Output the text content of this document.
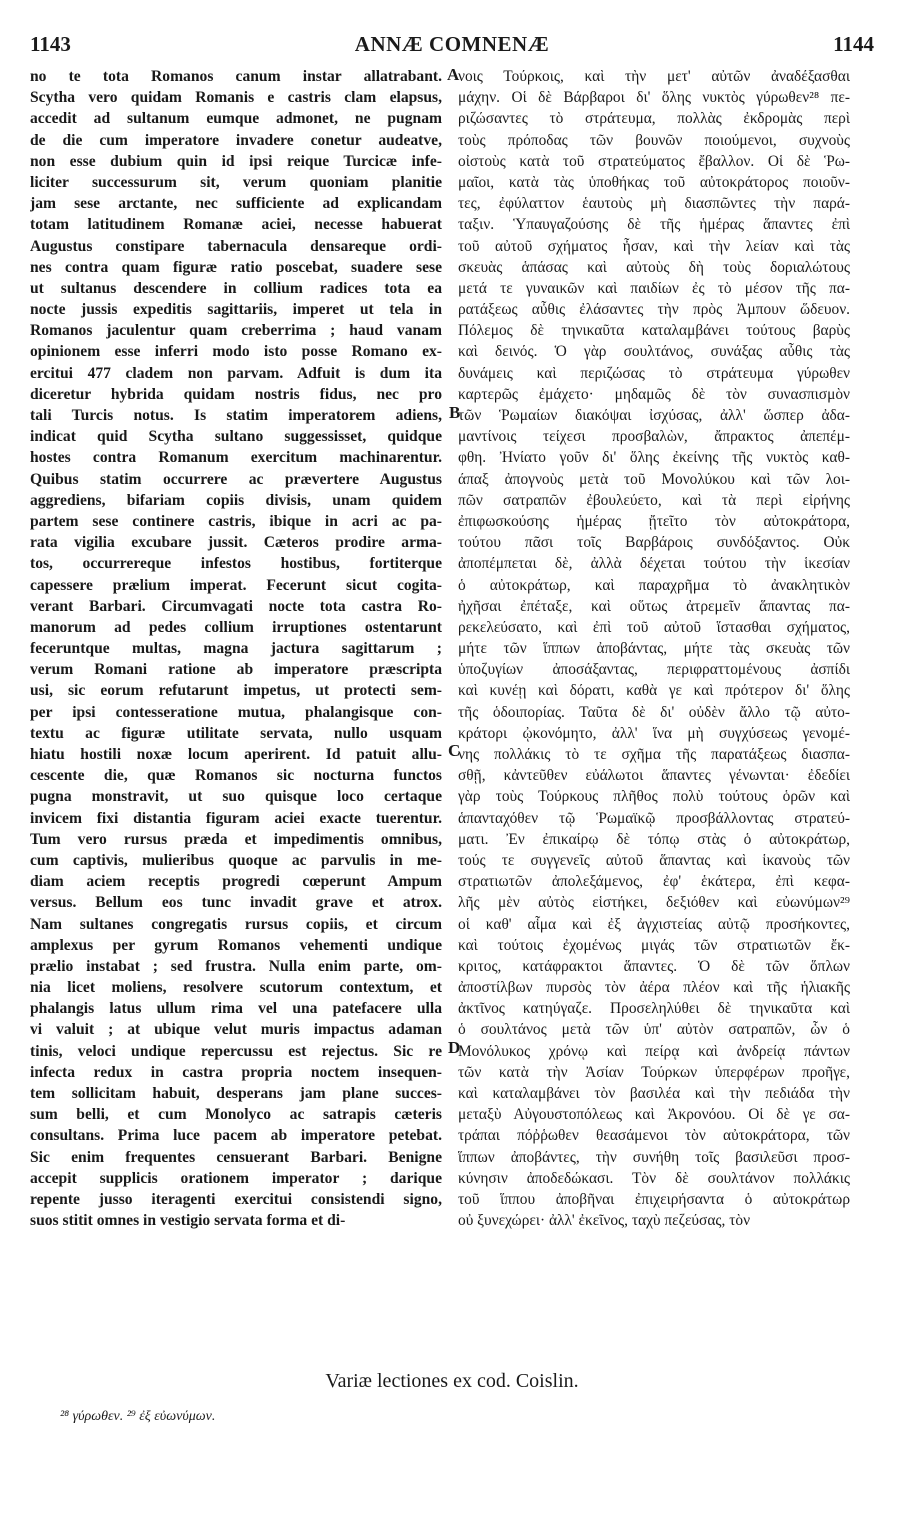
1143	ANNÆ COMNENÆ	1144
no te tota Romanos canum instar allatrabant.
Scytha vero quidam Romanis e castris clam elapsus,
accedit ad sultanum eumque admonet, ne pugnam
de die cum imperatore invadere conetur audeatve,
non esse dubium quin id ipsi reique Turcicæ infe-
liciter successurum sit, verum quoniam planitie
jam sese arctante, nec sufficiente ad explicandam
totam latitudinem Romanæ aciei, necesse habuerat
Augustus constipare tabernacula densareque ordi-
nes contra quam figuræ ratio poscebat, suadere sese
ut sultanus descendere in collium radices tota ea
nocte jussis expeditis sagittariis, imperet ut tela in
Romanos jaculentur quam creberrima ; haud vanam
opinionem esse inferri modo isto posse Romano ex-
ercitui 477 cladem non parvam. Adfuit is dum ita
diceretur hybrida quidam nostris fidus, nec pro
tali Turcis notus. Is statim imperatorem adiens,
indicat quid Scytha sultano suggessisset, quidque
hostes contra Romanum exercitum machinarentur.
Quibus statim occurrere ac prævertere Augustus
aggrediens, bifariam copiis divisis, unam quidem
partem sese continere castris, ibique in acri ac pa-
rata vigilia excubare jussit. Cæteros prodire arma-
tos, occurrereque infestos hostibus, fortiterque
capessere prælium imperat. Fecerunt sicut cogita-
verant Barbari. Circumvagati nocte tota castra Ro-
manorum ad pedes collium irruptiones ostentarunt
feceruntque multas, magna jactura sagittarum ;
verum Romani ratione ab imperatore præscripta
usi, sic eorum refutarunt impetus, ut protecti sem-
per ipsi contesseratione mutua, phalangisque con-
textu ac figuræ utilitate servata, nullo usquam
hiatu hostili noxæ locum aperirent. Id patuit allu-
cescente die, quæ Romanos sic nocturna functos
pugna monstravit, ut suo quisque loco certaque
invicem fixi distantia figuram aciei exacte tuerentur.
Tum vero rursus præda et impedimentis omnibus,
cum captivis, mulieribus quoque ac parvulis in me-
diam aciem receptis progredi cœperunt Ampum
versus. Bellum eos tunc invadit grave et atrox.
Nam sultanes congregatis rursus copiis, et circum
amplexus per gyrum Romanos vehementi undique
prælio instabat ; sed frustra. Nulla enim parte, om-
nia licet moliens, resolvere scutorum contextum, et
phalangis latus ullum rima vel una patefacere ulla
vi valuit ; at ubique velut muris impactus adaman
tinis, veloci undique repercussu est rejectus. Sic re
infecta redux in castra propria noctem insequen-
tem sollicitam habuit, desperans jam plane succes-
sum belli, et cum Monolyco ac satrapis cæteris
consultans. Prima luce pacem ab imperatore petebat.
Sic enim frequentes censuerant Barbari. Benigne
accepit supplicis orationem imperator ; darique
repente jusso iteragenti exercitui consistendi signo,
suos stitit omnes in vestigio servata forma et di-
νοις Τούρκοις, καὶ τὴν μετ' αὐτῶν ἀναδέξασθαι
μάχην. Οἱ δὲ Βάρβαροι δι' ὅλης νυκτὸς γύρωθεν²⁸ πε-
ριζώσαντες τὸ στράτευμα, πολλὰς ἐκδρομὰς περὶ
τοὺς πρόποδας τῶν βουνῶν ποιούμενοι, συχνοὺς
οἰστοὺς κατὰ τοῦ στρατεύματος ἔβαλλον. Οἱ δὲ Ῥω-
μαῖοι, κατὰ τὰς ὑποθήκας τοῦ αὐτοκράτορος ποιοῦν-
τες, ἐφύλαττον ἑαυτοὺς μὴ διασπῶντες τὴν παρά-
ταξιν. Ὑπαυγαζούσης δὲ τῆς ἡμέρας ἅπαντες ἐπὶ
τοῦ αὐτοῦ σχήματος ἦσαν, καὶ τὴν λείαν καὶ τὰς
σκευὰς ἁπάσας καὶ αὐτοὺς δὴ τοὺς δοριαλώτους
μετά τε γυναικῶν καὶ παιδίων ἐς τὸ μέσον τῆς πα-
ρατάξεως αὖθις ἐλάσαντες τὴν πρὸς Ἀμπουν ὥδευον.
Πόλεμος δὲ τηνικαῦτα καταλαμβάνει τούτους βαρὺς
καὶ δεινός. Ὁ γὰρ σουλτάνος, συνάξας αὖθις τὰς
δυνάμεις καὶ περιζώσας τὸ στράτευμα γύρωθεν
καρτερῶς ἐμάχετο· μηδαμῶς δὲ τὸν συνασπισμὸν
τῶν Ῥωμαίων διακόψαι ἰσχύσας, ἀλλ' ὥσπερ ἀδα-
μαντίνοις τείχεσι προσβαλὼν, ἄπρακτος ἀπεπέμ-
φθη. Ἠνίατο γοῦν δι' ὅλης ἐκείνης τῆς νυκτὸς καθ-
άπαξ ἀπογνοὺς μετὰ τοῦ Μονολύκου καὶ τῶν λοι-
πῶν σατραπῶν ἐβουλεύετο, καὶ τὰ περὶ εἰρήνης
ἐπιφωσκούσης ἡμέρας ᾔτεῖτο τὸν αὐτοκράτορα,
τούτου πᾶσι τοῖς Βαρβάροις συνδόξαντος. Οὐκ
ἀποπέμπεται δὲ, ἀλλὰ δέχεται τούτου τὴν ἱκεσίαν
ὁ αὐτοκράτωρ, καὶ παραχρῆμα τὸ ἀνακλητικὸν
ἠχῆσαι ἐπέταξε, καὶ οὕτως ἀτρεμεῖν ἅπαντας πα-
ρεκελεύσατο, καὶ ἐπὶ τοῦ αὐτοῦ ἵστασθαι σχήματος,
μήτε τῶν ἵππων ἀποβάντας, μήτε τὰς σκευὰς τῶν
ὑποζυγίων ἀποσάξαντας, περιφραττομένους ἀσπίδι
καὶ κυνέῃ καὶ δόρατι, καθὰ γε καὶ πρότερον δι' ὅλης
τῆς ὁδοιπορίας. Ταῦτα δὲ δι' οὐδὲν ἄλλο τῷ αὐτο-
κράτορι ᾠκονόμητο, ἀλλ' ἵνα μὴ συγχύσεως γενομέ-
νης πολλάκις τὸ τε σχῆμα τῆς παρατάξεως διασπα-
σθῇ, κἀντεῦθεν εὐάλωτοι ἅπαντες γένωνται· ἐδεδίει
γὰρ τοὺς Τούρκους πλῆθος πολὺ τούτους ὁρῶν καὶ
ἁπανταχόθεν τῷ Ῥωμαϊκῷ προσβάλλοντας στρατεύ-
ματι. Ἐν ἐπικαίρῳ δὲ τόπῳ στὰς ὁ αὐτοκράτωρ,
τούς τε συγγενεῖς αὐτοῦ ἅπαντας καὶ ἱκανοὺς τῶν
στρατιωτῶν ἀπολεξάμενος, ἐφ' ἑκάτερα, ἐπὶ κεφα-
λῆς μὲν αὐτὸς εἱστήκει, δεξιόθεν καὶ εὐωνύμων²⁹
οἱ καθ' αἷμα καὶ ἐξ ἀγχιστείας αὐτῷ προσήκοντες,
καὶ τούτοις ἐχομένως μιγάς τῶν στρατιωτῶν ἔκ-
κριτος, κατάφρακτοι ἅπαντες. Ὁ δὲ τῶν ὅπλων
ἀποστίλβων πυρσὸς τὸν ἀέρα πλέον καὶ τῆς ἡλιακῆς
ἀκτῖνος κατηύγαζε. Προσεληλύθει δὲ τηνικαῦτα καὶ
ὁ σουλτάνος μετὰ τῶν ὑπ' αὐτὸν σατραπῶν, ὧν ὁ
Μονόλυκος χρόνῳ καὶ πείρᾳ καὶ ἀνδρείᾳ πάντων
τῶν κατὰ τὴν Ἀσίαν Τούρκων ὑπερφέρων προῆγε,
καὶ καταλαμβάνει τὸν βασιλέα καὶ τὴν πεδιάδα τὴν
μεταξὺ Αὐγουστοπόλεως καὶ Ἀκρονόου. Οἱ δὲ γε σα-
τράπαι πόῤῥωθεν θεασάμενοι τὸν αὐτοκράτορα, τῶν
ἵππων ἀποβάντες, τὴν συνήθη τοῖς βασιλεῦσι προσ-
κύνησιν ἀποδεδώκασι. Τὸν δὲ σουλτάνον πολλάκις
τοῦ ἵππου ἀποβῆναι ἐπιχειρήσαντα ὁ αὐτοκράτωρ
οὐ ξυνεχώρει· ἀλλ' ἐκεῖνος, ταχὺ πεζεύσας, τὸν
A
B
C
D
Variæ lectiones ex cod. Coislin.
²⁸ γύρωθεν. ²⁹ ἐξ εὐωνύμων.
